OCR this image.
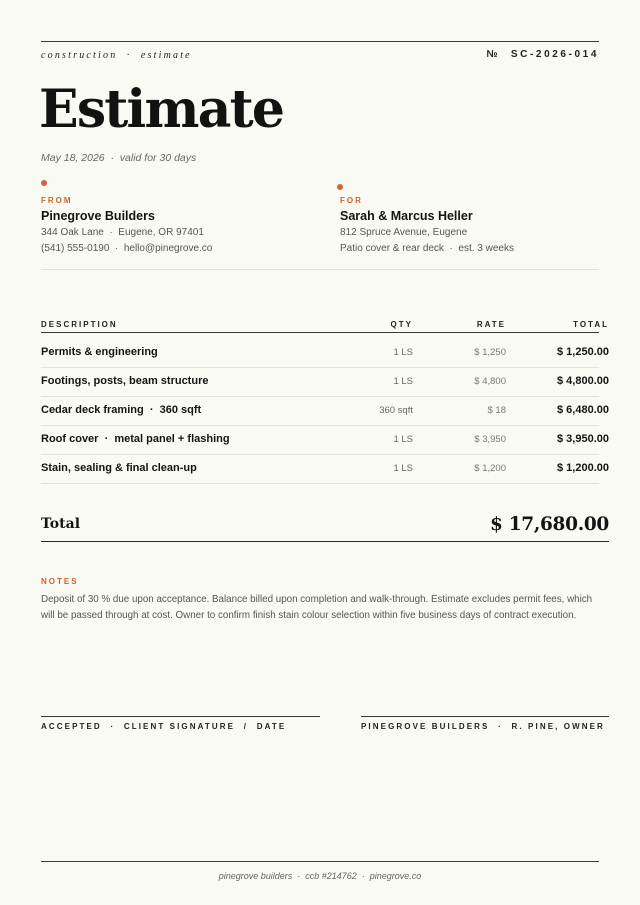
construction  ·  estimate	№  SC-2026-014
Estimate
May 18, 2026  ·  valid for 30 days
FROM
Pinegrove Builders
344 Oak Lane  ·  Eugene, OR 97401
(541) 555-0190  ·  hello@pinegrove.co
FOR
Sarah & Marcus Heller
812 Spruce Avenue, Eugene
Patio cover & rear deck  ·  est. 3 weeks
DESCRIPTION	QTY	RATE	TOTAL
Permits & engineering	1 LS	$ 1,250	$ 1,250.00
Footings, posts, beam structure	1 LS	$ 4,800	$ 4,800.00
Cedar deck framing  ·  360 sqft	360 sqft	$ 18	$ 6,480.00
Roof cover  ·  metal panel + flashing	1 LS	$ 3,950	$ 3,950.00
Stain, sealing & final clean-up	1 LS	$ 1,200	$ 1,200.00
Total	$ 17,680.00
NOTES
Deposit of 30 % due upon acceptance. Balance billed upon completion and walk-through. Estimate excludes permit fees, which will be passed through at cost. Owner to confirm finish stain colour selection within five business days of contract execution.
ACCEPTED  ·  CLIENT SIGNATURE  /  DATE	PINEGROVE BUILDERS  ·  R. PINE, OWNER
pinegrove builders  ·  ccb #214762  ·  pinegrove.co
